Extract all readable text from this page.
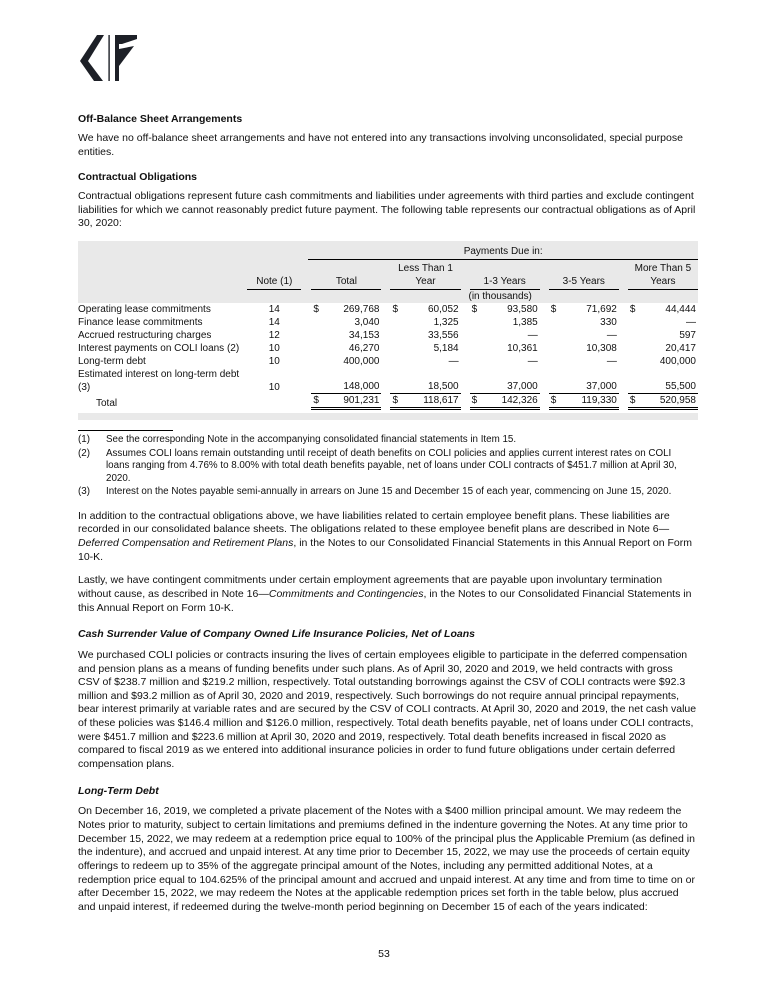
Off-Balance Sheet Arrangements

We have no off-balance sheet arrangements and have not entered into any transactions involving unconsolidated, special purpose entities.

Contractual Obligations

Contractual obligations represent future cash commitments and liabilities under agreements with third parties and exclude contingent liabilities for which we cannot reasonably predict future payment. The following table represents our contractual obligations as of April 30, 2020:

		Payments Due in:				

	Note (1)	Total	Less Than 1 Year	1-3 Years	3-5 Years	More Than 5 Years

		(in thousands)				
Operating lease commitments	14	$ 269,768	$ 60,052	$ 93,580	$ 71,692	$ 44,444

Finance lease commitments	14	3,040	1,325	1,385	330	—

Accrued restructuring charges	12	34,153	33,556	—	—	597

Interest payments on COLI loans (2)	10	46,270	5,184	10,361	10,308	20,417

Long-term debt	10	400,000	—	—	—	400,000

Estimated interest on long-term debt (3)	10	148,000	18,500	37,000	37,000	55,500

Total		$ 901,231	$ 118,617	$ 142,326	$ 119,330	$ 520,958

(1)	See the corresponding Note in the accompanying consolidated financial statements in Item 15.
(2)	Assumes COLI loans remain outstanding until receipt of death benefits on COLI policies and applies current interest rates on COLI loans ranging from 4.76% to 8.00% with total death benefits payable, net of loans under COLI contracts of $451.7 million at April 30, 2020.
(3)	Interest on the Notes payable semi-annually in arrears on June 15 and December 15 of each year, commencing on June 15, 2020.

In addition to the contractual obligations above, we have liabilities related to certain employee benefit plans. These liabilities are recorded in our consolidated balance sheets. The obligations related to these employee benefit plans are described in Note 6—Deferred Compensation and Retirement Plans, in the Notes to our Consolidated Financial Statements in this Annual Report on Form 10-K.

Lastly, we have contingent commitments under certain employment agreements that are payable upon involuntary termination without cause, as described in Note 16—Commitments and Contingencies, in the Notes to our Consolidated Financial Statements in this Annual Report on Form 10-K.

Cash Surrender Value of Company Owned Life Insurance Policies, Net of Loans

We purchased COLI policies or contracts insuring the lives of certain employees eligible to participate in the deferred compensation and pension plans as a means of funding benefits under such plans. As of April 30, 2020 and 2019, we held contracts with gross CSV of $238.7 million and $219.2 million, respectively. Total outstanding borrowings against the CSV of COLI contracts were $92.3 million and $93.2 million as of April 30, 2020 and 2019, respectively. Such borrowings do not require annual principal repayments, bear interest primarily at variable rates and are secured by the CSV of COLI contracts. At April 30, 2020 and 2019, the net cash value of these policies was $146.4 million and $126.0 million, respectively. Total death benefits payable, net of loans under COLI contracts, were $451.7 million and $223.6 million at April 30, 2020 and 2019, respectively. Total death benefits increased in fiscal 2020 as compared to fiscal 2019 as we entered into additional insurance policies in order to fund future obligations under certain deferred compensation plans.

Long-Term Debt

On December 16, 2019, we completed a private placement of the Notes with a $400 million principal amount. We may redeem the Notes prior to maturity, subject to certain limitations and premiums defined in the indenture governing the Notes. At any time prior to December 15, 2022, we may redeem at a redemption price equal to 100% of the principal plus the Applicable Premium (as defined in the indenture), and accrued and unpaid interest. At any time prior to December 15, 2022, we may use the proceeds of certain equity offerings to redeem up to 35% of the aggregate principal amount of the Notes, including any permitted additional Notes, at a redemption price equal to 104.625% of the principal amount and accrued and unpaid interest. At any time and from time to time on or after December 15, 2022, we may redeem the Notes at the applicable redemption prices set forth in the table below, plus accrued and unpaid interest, if redeemed during the twelve-month period beginning on December 15 of each of the years indicated:

53
